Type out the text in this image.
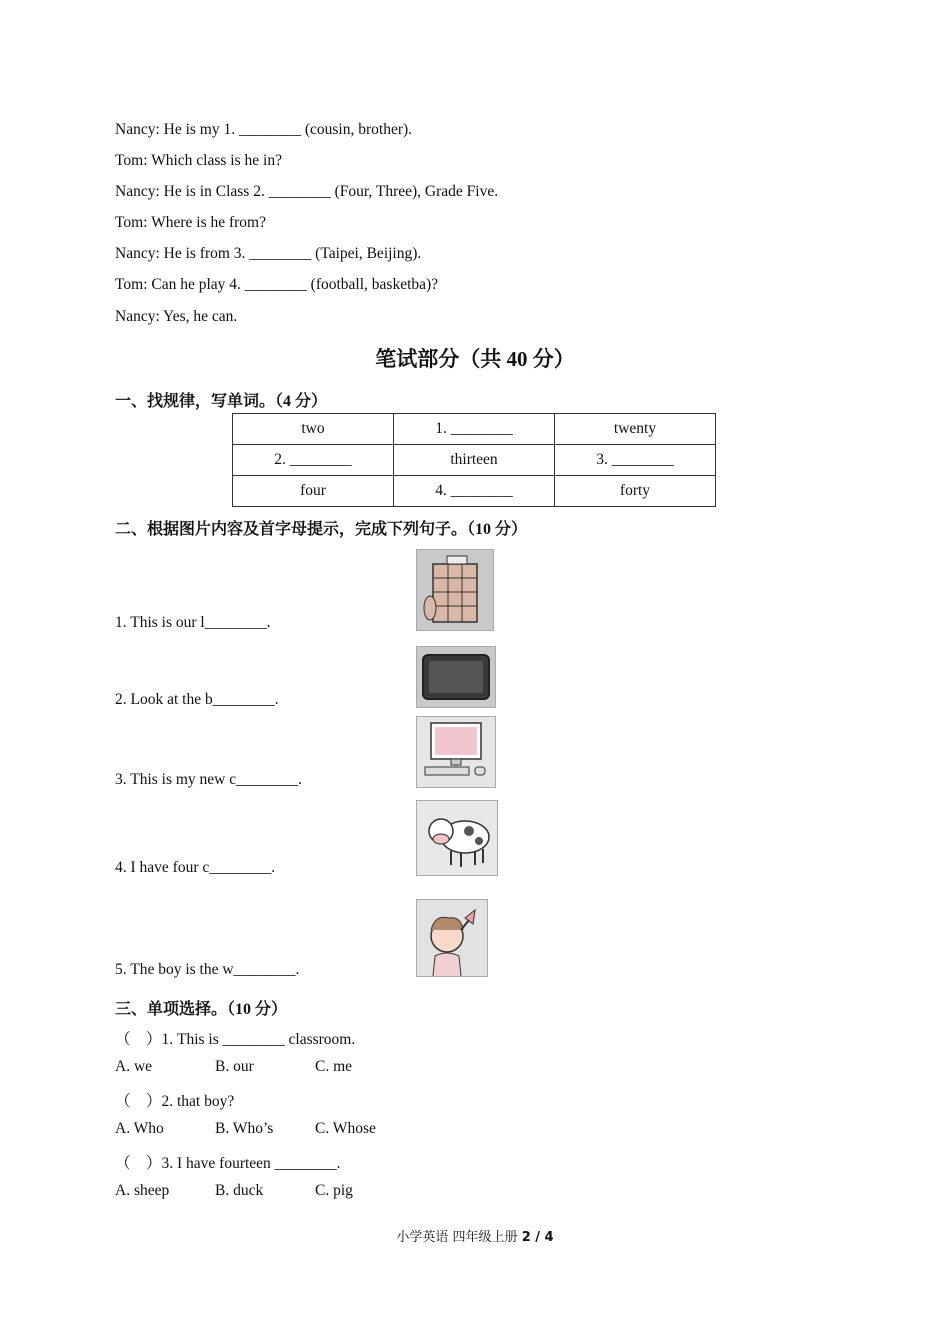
Nancy: He is my 1. ________ (cousin, brother).
Tom: Which class is he in?
Nancy: He is in Class 2. ________ (Four, Three), Grade Five.
Tom: Where is he from?
Nancy: He is from 3. ________ (Taipei, Beijing).
Tom: Can he play 4. ________ (football, basketba)?
Nancy: Yes, he can.
笔试部分（共 40 分）
一、找规律，写单词。（4 分）
two	1. ________	twenty
2. ________	thirteen	3. ________
four	4. ________	forty
二、根据图片内容及首字母提示，完成下列句子。（10 分）
1. This is our l________.
2. Look at the b________.
3. This is my new c________.
4. I have four c________.
5. The boy is the w________.
三、单项选择。（10 分）
（　）1. This is ________ classroom.
A. we	B. our	C. me
（　）2. that boy?
A. Who	B. Who’s	C. Whose
（　）3. I have fourteen ________.
A. sheep	B. duck	C. pig
小学英语 四年级上册 2 / 4
